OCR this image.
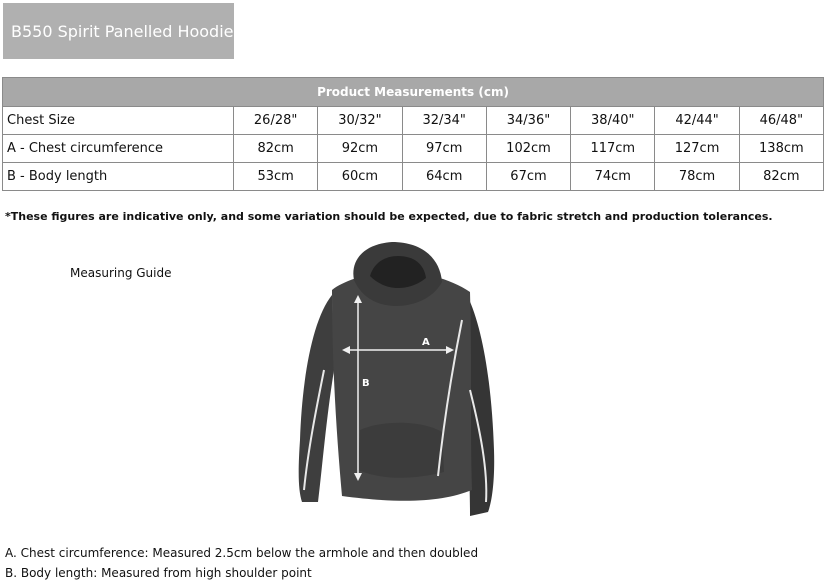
B550 Spirit Panelled Hoodie
Product Measurements (cm)							
Chest Size	26/28"	30/32"	32/34"	34/36"	38/40"	42/44"	46/48"
A - Chest circumference	82cm	92cm	97cm	102cm	117cm	127cm	138cm
B - Body length	53cm	60cm	64cm	67cm	74cm	78cm	82cm
*These figures are indicative only, and some variation should be expected, due to fabric stretch and production tolerances.
Measuring Guide
A
B
A. Chest circumference: Measured 2.5cm below the armhole and then doubled
B. Body length: Measured from high shoulder point
